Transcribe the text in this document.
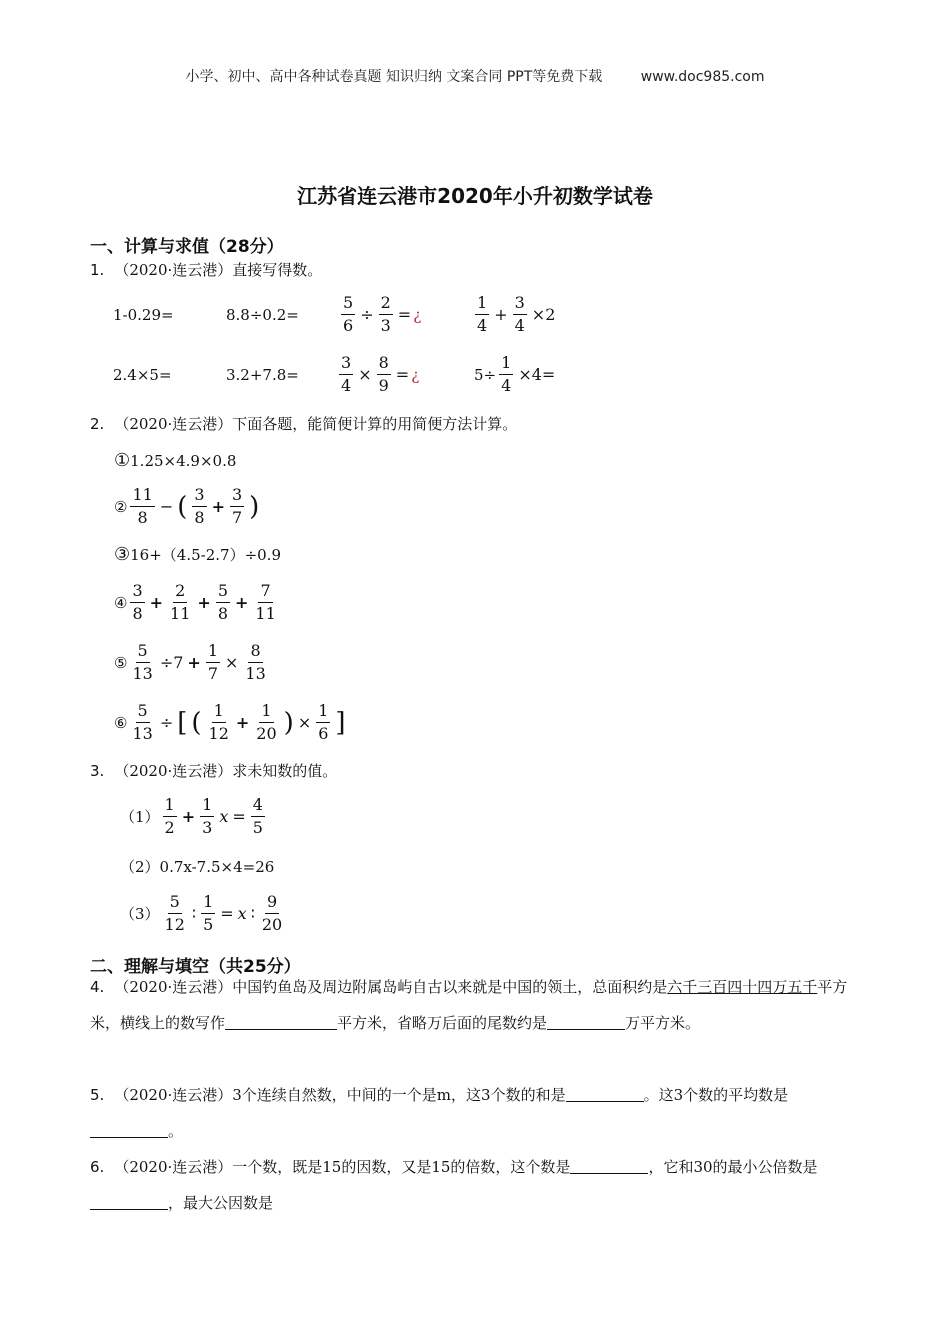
小学、初中、高中各种试卷真题 知识归纳 文案合同 PPT等免费下载	www.doc985.com
江苏省连云港市2020年小升初数学试卷
一、计算与求值（28分）
1. （2020·连云港）直接写得数。
1-0.29=	8.8÷0.2=	$\frac{5}{6} \div \frac{2}{3}$ = ¿	$\frac{1}{4} + \frac{3}{4} \times 2$
2.4×5=	3.2+7.8=	$\frac{3}{4} \times \frac{8}{9}$ = ¿	$5\div \frac{1}{4} \times 4=$
2. （2020·连云港）下面各题，能简便计算的用简便方法计算。
① 1.25×4.9×0.8
② $\frac{11}{8}$ − ( $\frac{3}{8} + \frac{3}{7}$ )
③ 16+（4.5-2.7）÷0.9
④ $\frac{3}{8} + \frac{2}{11} + \frac{5}{8} + \frac{7}{11}$
⑤ $\frac{5}{13} \div 7 + \frac{1}{7} \times \frac{8}{13}$
⑥ $\frac{5}{13}$ ÷ [ ( $\frac{1}{12} + \frac{1}{20}$ ) × $\frac{1}{6}$ ]
3. （2020·连云港）求未知数的值。
$(1) \frac{1}{2} + \frac{1}{3}$ $x = \frac{4}{5}$
（2） 0.7x-7.5×4=26
$(3) \frac{5}{12}$ ∶ $\frac{1}{5} = x$ ∶ $\frac{9}{20}$
二、理解与填空（共25分）
4. （2020·连云港）中国钓鱼岛及周边附属岛屿自古以来就是中国的领土，总面积约是六千三百四十四万五千平方米，横线上的数写作	平方米，省略万后面的尾数约是	万平方米。
5. （2020·连云港）3个连续自然数，中间的一个是m，这3个数的和是	。这3个数的平均数是。
6. （2020·连云港）一个数，既是15的因数，又是15的倍数，这个数是	，它和30的最小公倍数是，最大公因数是
